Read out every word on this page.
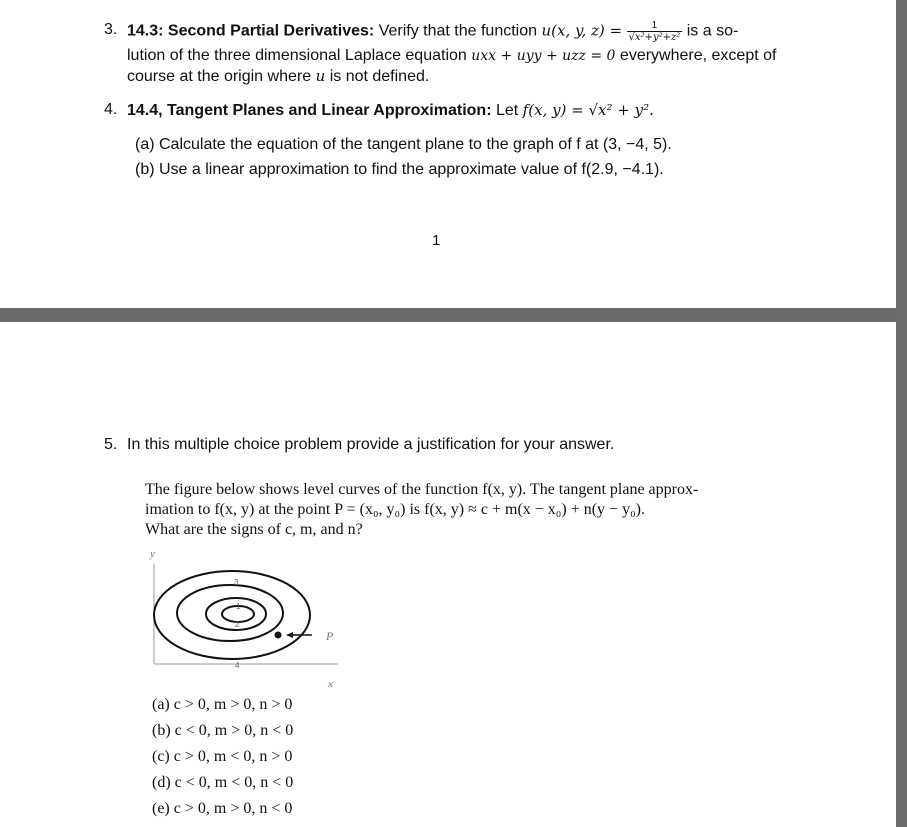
3. 14.3: Second Partial Derivatives: Verify that the function u(x, y, $z) = \frac{1}{\text{√x²+y²+z²}}$ is a so-
lution of the three dimensional Laplace equation uxx + uyy + uzz = 0 everywhere, except of
course at the origin where u is not defined.
4. 14.4, Tangent Planes and Linear Approximation: Let f(x, y) = √x² + y².
(a) Calculate the equation of the tangent plane to the graph of f at (3, −4, 5).
(b) Use a linear approximation to find the approximate value of f(2.9, −4.1).
1
5. In this multiple choice problem provide a justification for your answer.
The figure below shows level curves of the function f(x, y). The tangent plane approx-
imation to f(x, y) at the point P = (x₀, y₀) is f(x, y) ≈ c + m(x − x₀) + n(y − y₀).
What are the signs of c, m, and n?
y
x
3
1
2
4
P
(a) c > 0, m > 0, n > 0
(b) c < 0, m > 0, n < 0
(c) c > 0, m < 0, n > 0
(d) c < 0, m < 0, n < 0
(e) c > 0, m > 0, n < 0
